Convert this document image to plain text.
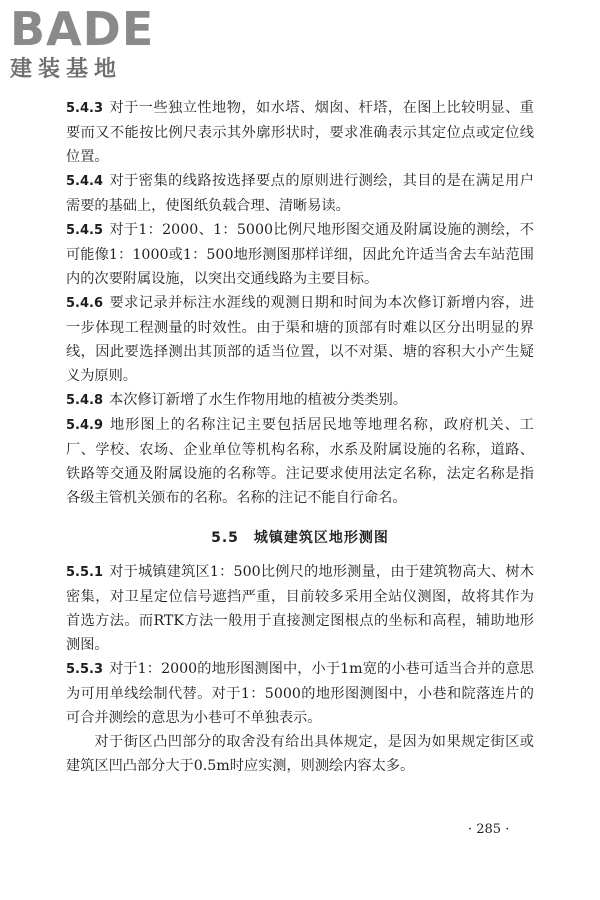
BADE
建装基地

5.4.3 对于一些独立性地物，如水塔、烟囱、杆塔，在图上比较明显、重要而又不能按比例尺表示其外廓形状时，要求准确表示其定位点或定位线位置。

5.4.4 对于密集的线路按选择要点的原则进行测绘，其目的是在满足用户需要的基础上，使图纸负载合理、清晰易读。

5.4.5 对于1：2000、1：5000比例尺地形图交通及附属设施的测绘，不可能像1：1000或1：500地形测图那样详细，因此允许适当舍去车站范围内的次要附属设施，以突出交通线路为主要目标。

5.4.6 要求记录并标注水涯线的观测日期和时间为本次修订新增内容，进一步体现工程测量的时效性。由于渠和塘的顶部有时难以区分出明显的界线，因此要选择测出其顶部的适当位置，以不对渠、塘的容积大小产生疑义为原则。

5.4.8 本次修订新增了水生作物用地的植被分类类别。

5.4.9 地形图上的名称注记主要包括居民地等地理名称，政府机关、工厂、学校、农场、企业单位等机构名称，水系及附属设施的名称，道路、铁路等交通及附属设施的名称等。注记要求使用法定名称，法定名称是指各级主管机关颁布的名称。名称的注记不能自行命名。

5.5　城镇建筑区地形测图

5.5.1 对于城镇建筑区1：500比例尺的地形测量，由于建筑物高大、树木密集，对卫星定位信号遮挡严重，目前较多采用全站仪测图，故将其作为首选方法。而RTK方法一般用于直接测定图根点的坐标和高程，辅助地形测图。

5.5.3 对于1：2000的地形图测图中，小于1m宽的小巷可适当合并的意思为可用单线绘制代替。对于1：5000的地形图测图中，小巷和院落连片的可合并测绘的意思为小巷可不单独表示。

对于街区凸凹部分的取舍没有给出具体规定，是因为如果规定街区或建筑区凹凸部分大于0.5m时应实测，则测绘内容太多。

· 285 ·
